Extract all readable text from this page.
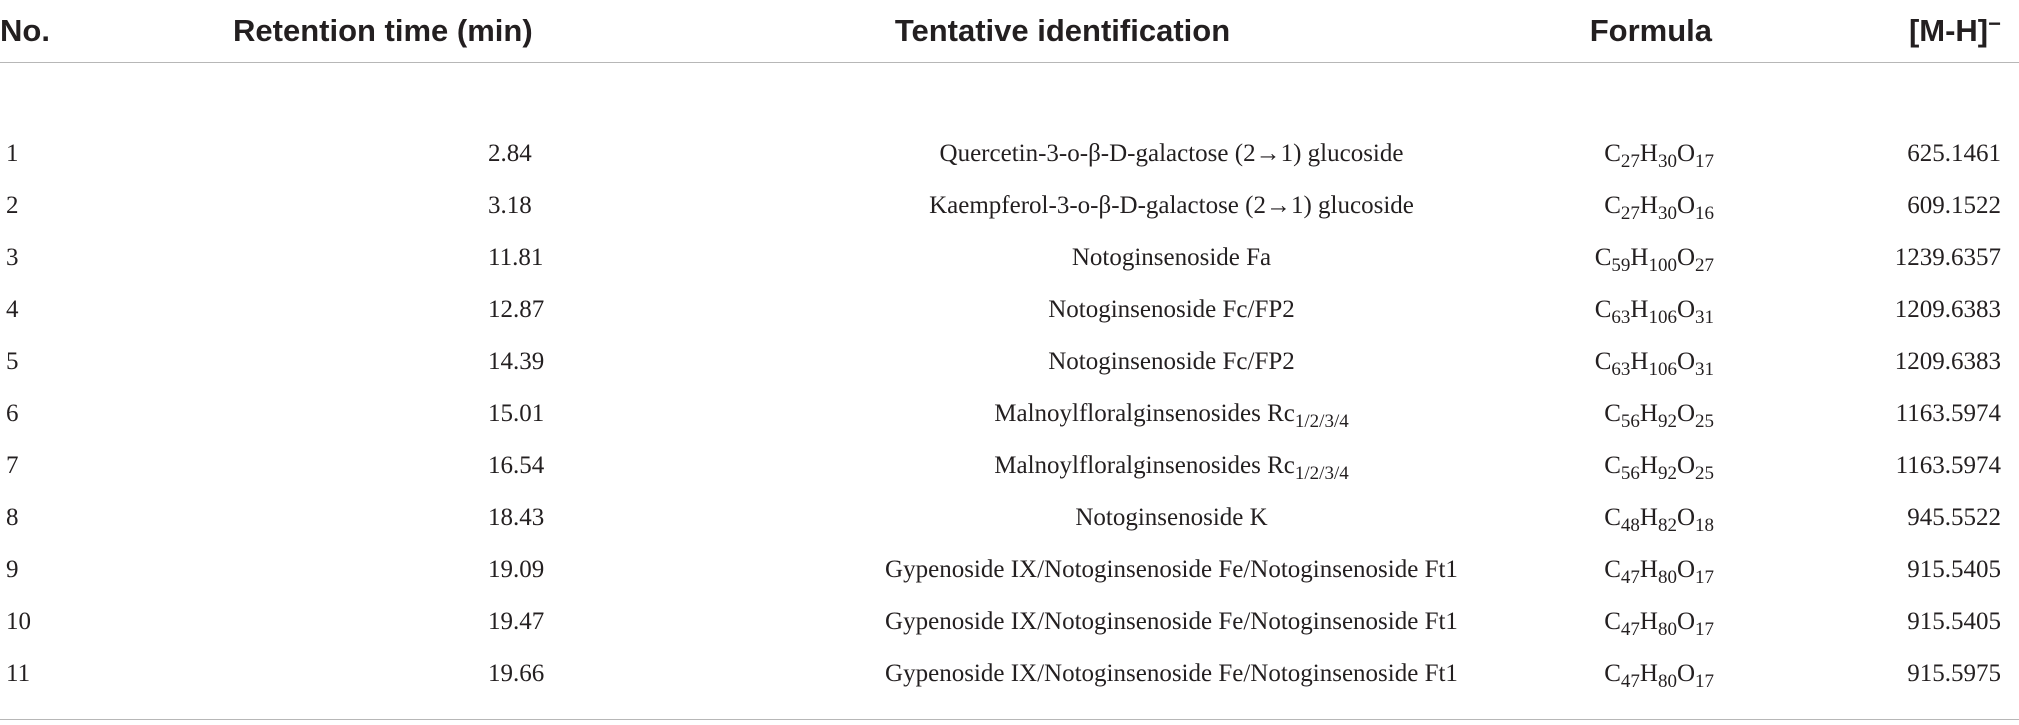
No.	Retention time (min)	Tentative identification	Formula	[M-H]−

1	2.84	Quercetin-3-o-β-D-galactose (2→1) glucoside	$C_{27}H_{30}O_{17}$	625.1461
2	3.18	Kaempferol-3-o-β-D-galactose (2→1) glucoside	$C_{27}H_{30}O_{16}$	609.1522
3	11.81	Notoginsenoside Fa	$C_{59}H_{100}O_{27}$	1239.6357
4	12.87	Notoginsenoside Fc/FP2	$C_{63}H_{106}O_{31}$	1209.6383
5	14.39	Notoginsenoside Fc/FP2	$C_{63}H_{106}O_{31}$	1209.6383
6	15.01	Malnoylfloralginsenosides $Rc_{1/2/3/4}$	$C_{56}H_{92}O_{25}$	1163.5974
7	16.54	Malnoylfloralginsenosides $Rc_{1/2/3/4}$	$C_{56}H_{92}O_{25}$	1163.5974
8	18.43	Notoginsenoside K	$C_{48}H_{82}O_{18}$	945.5522
9	19.09	Gypenoside IX/Notoginsenoside Fe/Notoginsenoside Ft1	$C_{47}H_{80}O_{17}$	915.5405
10	19.47	Gypenoside IX/Notoginsenoside Fe/Notoginsenoside Ft1	$C_{47}H_{80}O_{17}$	915.5405
11	19.66	Gypenoside IX/Notoginsenoside Fe/Notoginsenoside Ft1	$C_{47}H_{80}O_{17}$	915.5975
